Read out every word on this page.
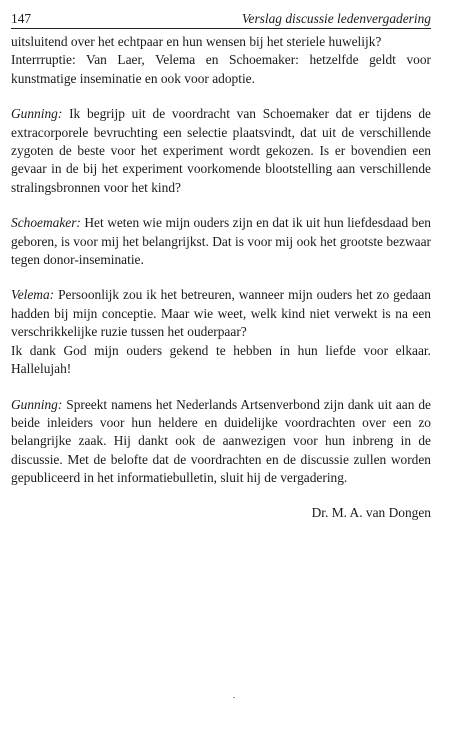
147	Verslag discussie ledenvergadering

uitsluitend over het echtpaar en hun wensen bij het steriele huwelijk?

Interrruptie: Van Laer, Velema en Schoemaker: hetzelfde geldt voor kunstmatige inseminatie en ook voor adoptie.

Gunning: Ik begrijp uit de voordracht van Schoemaker dat er tijdens de extracorporele bevruchting een selectie plaatsvindt, dat uit de verschillende zygoten de beste voor het experiment wordt gekozen. Is er bovendien een gevaar in de bij het experiment voorkomende blootstelling aan verschillende stralingsbronnen voor het kind?

Schoemaker: Het weten wie mijn ouders zijn en dat ik uit hun liefdesdaad ben geboren, is voor mij het belangrijkst. Dat is voor mij ook het grootste bezwaar tegen donor-inseminatie.

Velema: Persoonlijk zou ik het betreuren, wanneer mijn ouders het zo gedaan hadden bij mijn conceptie. Maar wie weet, welk kind niet verwekt is na een verschrikkelijke ruzie tussen het ouderpaar?

Ik dank God mijn ouders gekend te hebben in hun liefde voor elkaar. Hallelujah!

Gunning: Spreekt namens het Nederlands Artsenverbond zijn dank uit aan de beide inleiders voor hun heldere en duidelijke voordrachten over een zo belangrijke zaak. Hij dankt ook de aanwezigen voor hun inbreng in de discussie. Met de belofte dat de voordrachten en de discussie zullen worden gepubliceerd in het informatiebulletin, sluit hij de vergadering.

Dr. M. A. van Dongen
